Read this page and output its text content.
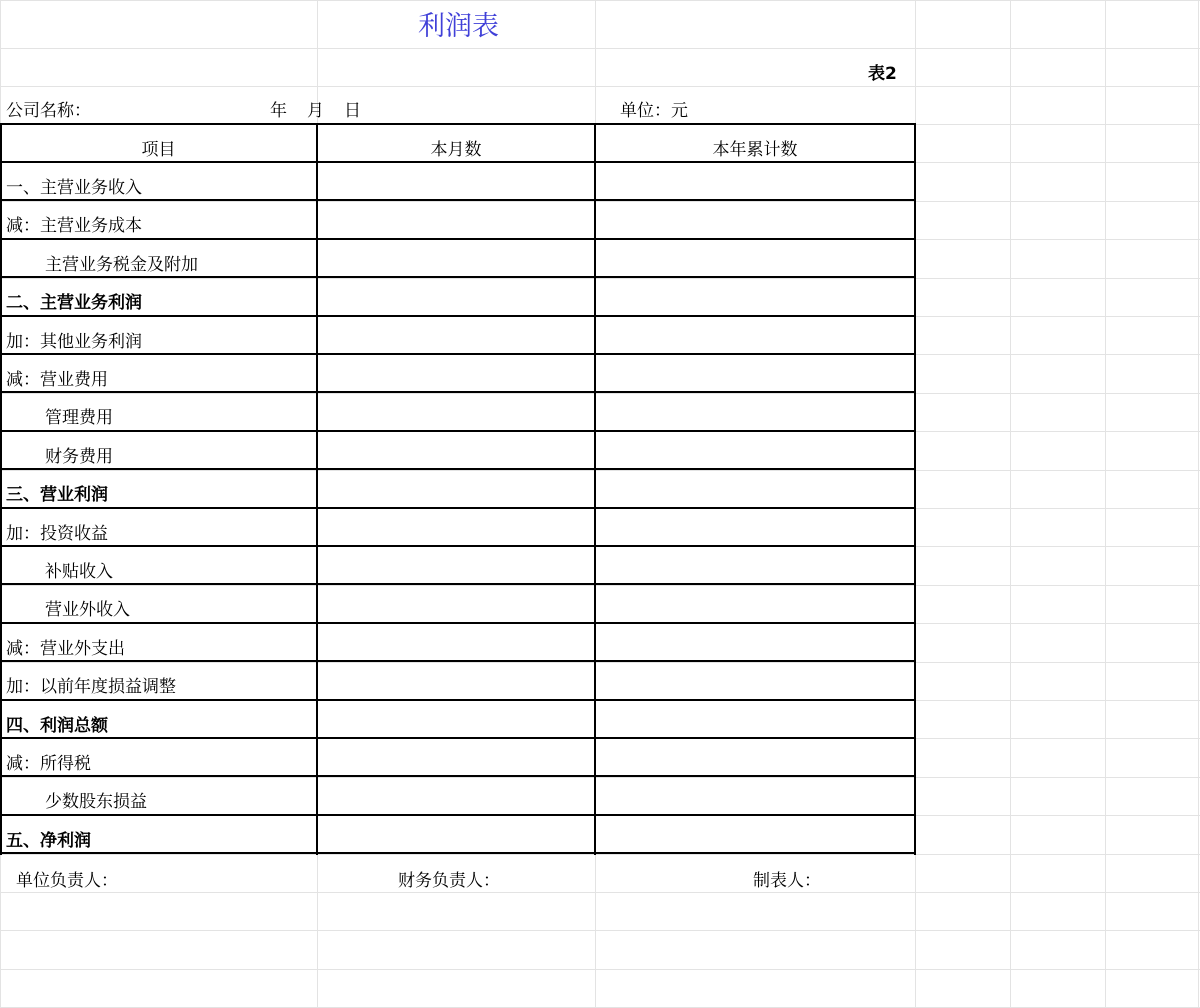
利润表
表2
公司名称：	年 月 日	单位：元
项目	本月数	本年累计数
一、主营业务收入
减：主营业务成本
主营业务税金及附加
二、主营业务利润
加：其他业务利润
减：营业费用
管理费用
财务费用
三、营业利润
加：投资收益
补贴收入
营业外收入
减：营业外支出
加：以前年度损益调整
四、利润总额
减：所得税
少数股东损益
五、净利润
单位负责人：	财务负责人：	制表人：
